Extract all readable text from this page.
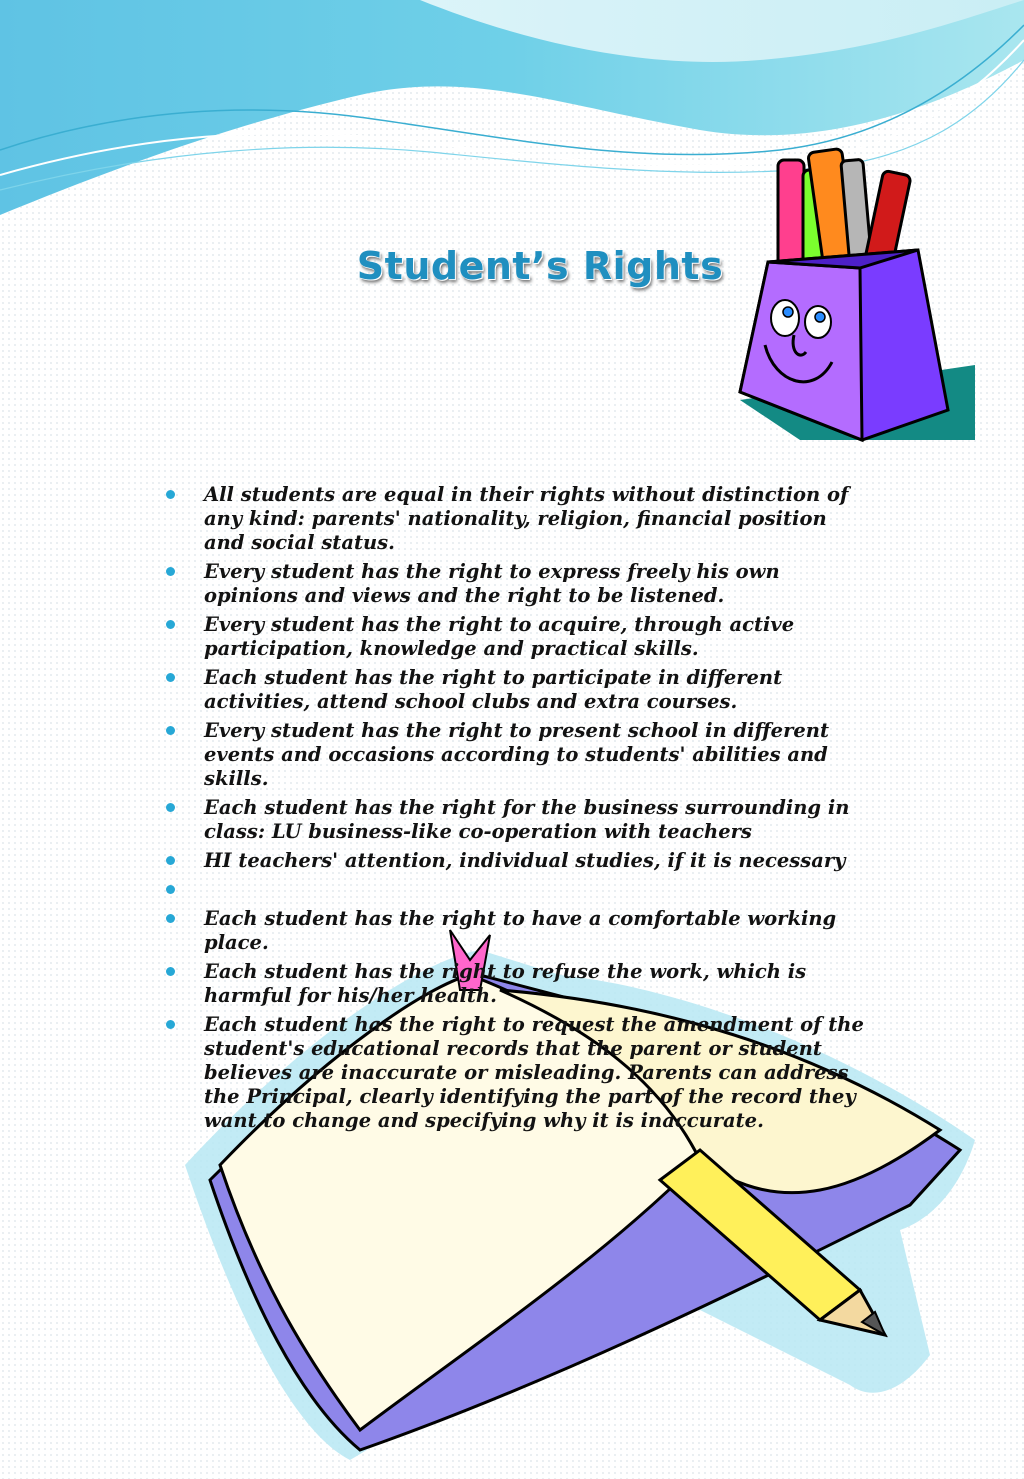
Student’s Rights
All students are equal in their rights without distinction of any kind: parents' nationality, religion, financial position and social status.
Every student has the right to express freely his own opinions and views and the right to be listened.
Every student has the right to acquire, through active participation, knowledge and practical skills.
Each student has the right to participate in different activities, attend school clubs and extra courses.
Every student has the right to present school in different events and occasions according to students' abilities and skills.
Each student has the right for the business surrounding in class: LU business-like co-operation with teachers
HI teachers' attention, individual studies, if it is necessary
Each student has the right to have a comfortable working place.
Each student has the right to refuse the work, which is harmful for his/her health.
Each student has the right to request the amendment of the student's educational records that the parent or student believes are inaccurate or misleading. Parents can address the Principal, clearly identifying the part of the record they want to change and specifying why it is inaccurate.
